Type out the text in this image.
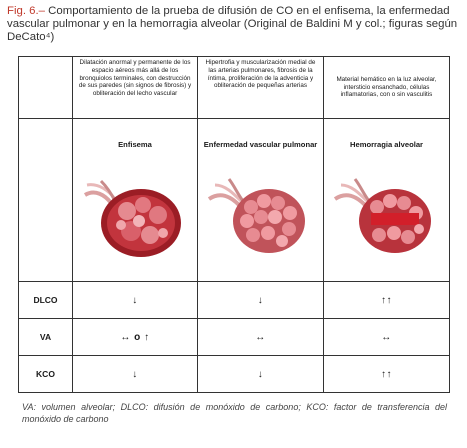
Fig. 6.– Comportamiento de la prueba de difusión de CO en el enfisema, la enfermedad vascular pulmonar y en la hemorragia alveolar (Original de Baldini M y col.; figuras según DeCato⁴)
	Dilatación anormal y permanente de los espacio aéreos más allá de los bronquiolos terminales, con destrucción de sus paredes (sin signos de fibrosis) y obliteración del lecho vascular	Hipertrofia y muscularización medial de las arterias pulmonares, fibrosis de la íntima, proliferación de la adventicia y obliteración de pequeñas arterias	Material hemático en la luz alveolar, intersticio ensanchado, células inflamatorias, con o sin vasculitis

	Enfisema	Enfermedad vascular pulmonar	Hemorragia alveolar

DLCO	↓	↓	↑↑
VA	↔ o ↑	↔	↔
KCO	↓	↓	↑↑
VA: volumen alveolar; DLCO: difusión de monóxido de carbono; KCO: factor de transferencia del monóxido de carbono
